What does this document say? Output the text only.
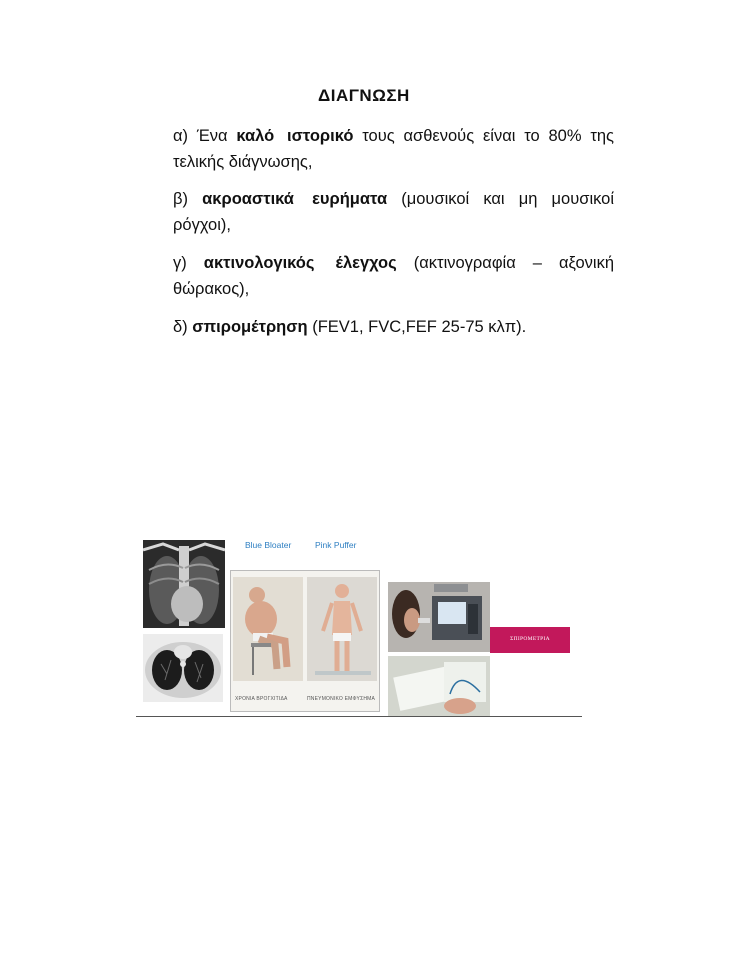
ΔΙΑΓΝΩΣΗ
α) Ένα καλό ιστορικό τους ασθενούς είναι το 80% της τελικής διάγνωσης,
β) ακροαστικά ευρήματα (μουσικοί και μη μουσικοί ρόγχοι),
γ) ακτινολογικός έλεγχος (ακτινογραφία – αξονική θώρακος),
δ) σπιρομέτρηση (FEV1, FVC,FEF 25-75 κλπ).
Blue Bloater	Pink Puffer
ΧΡΟΝΙΑ ΒΡΟΓΧΙΤΙΔΑ	ΠΝΕΥΜΟΝΙΚΟ ΕΜΦΥΣΗΜΑ
ΣΠΙΡΟΜΕΤΡΙΑ
